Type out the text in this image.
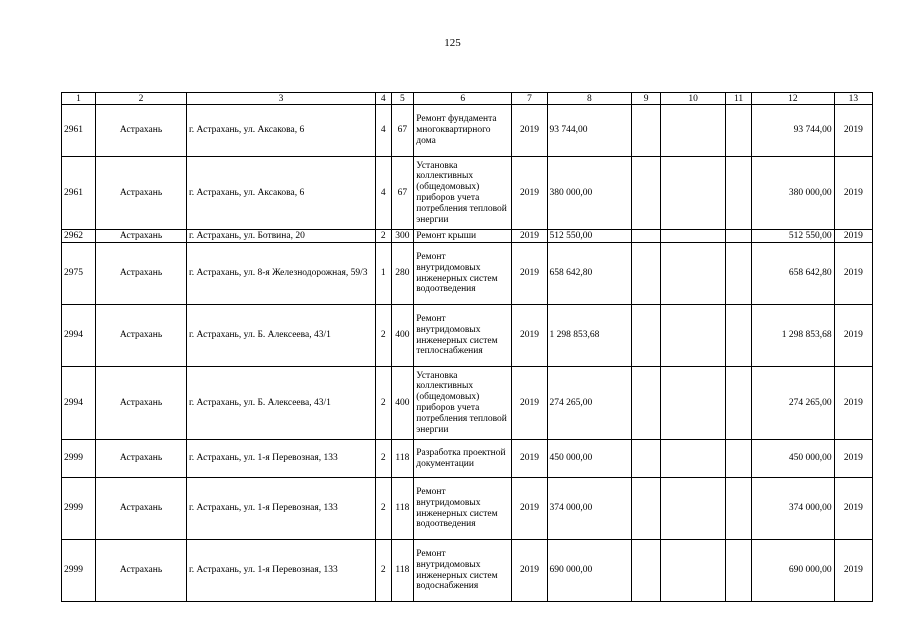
125
1	2	3	4	5	6	7	8	9	10	11	12	13
2961	Астрахань	г. Астрахань, ул. Аксакова, 6	4	67	Ремонт фундамента многоквартирного дома	2019	93 744,00				93 744,00	2019
2961	Астрахань	г. Астрахань, ул. Аксакова, 6	4	67	Установка коллективных (общедомовых) приборов учета потребления тепловой энергии	2019	380 000,00				380 000,00	2019
2962	Астрахань	г. Астрахань, ул. Ботвина, 20	2	300	Ремонт крыши	2019	512 550,00				512 550,00	2019
2975	Астрахань	г. Астрахань, ул. 8-я Железнодорожная, 59/3	1	280	Ремонт внутридомовых инженерных систем водоотведения	2019	658 642,80				658 642,80	2019
2994	Астрахань	г. Астрахань, ул. Б. Алексеева, 43/1	2	400	Ремонт внутридомовых инженерных систем теплоснабжения	2019	1 298 853,68				1 298 853,68	2019
2994	Астрахань	г. Астрахань, ул. Б. Алексеева, 43/1	2	400	Установка коллективных (общедомовых) приборов учета потребления тепловой энергии	2019	274 265,00				274 265,00	2019
2999	Астрахань	г. Астрахань, ул. 1-я Перевозная, 133	2	118	Разработка проектной документации	2019	450 000,00				450 000,00	2019
2999	Астрахань	г. Астрахань, ул. 1-я Перевозная, 133	2	118	Ремонт внутридомовых инженерных систем водоотведения	2019	374 000,00				374 000,00	2019
2999	Астрахань	г. Астрахань, ул. 1-я Перевозная, 133	2	118	Ремонт внутридомовых инженерных систем водоснабжения	2019	690 000,00				690 000,00	2019
